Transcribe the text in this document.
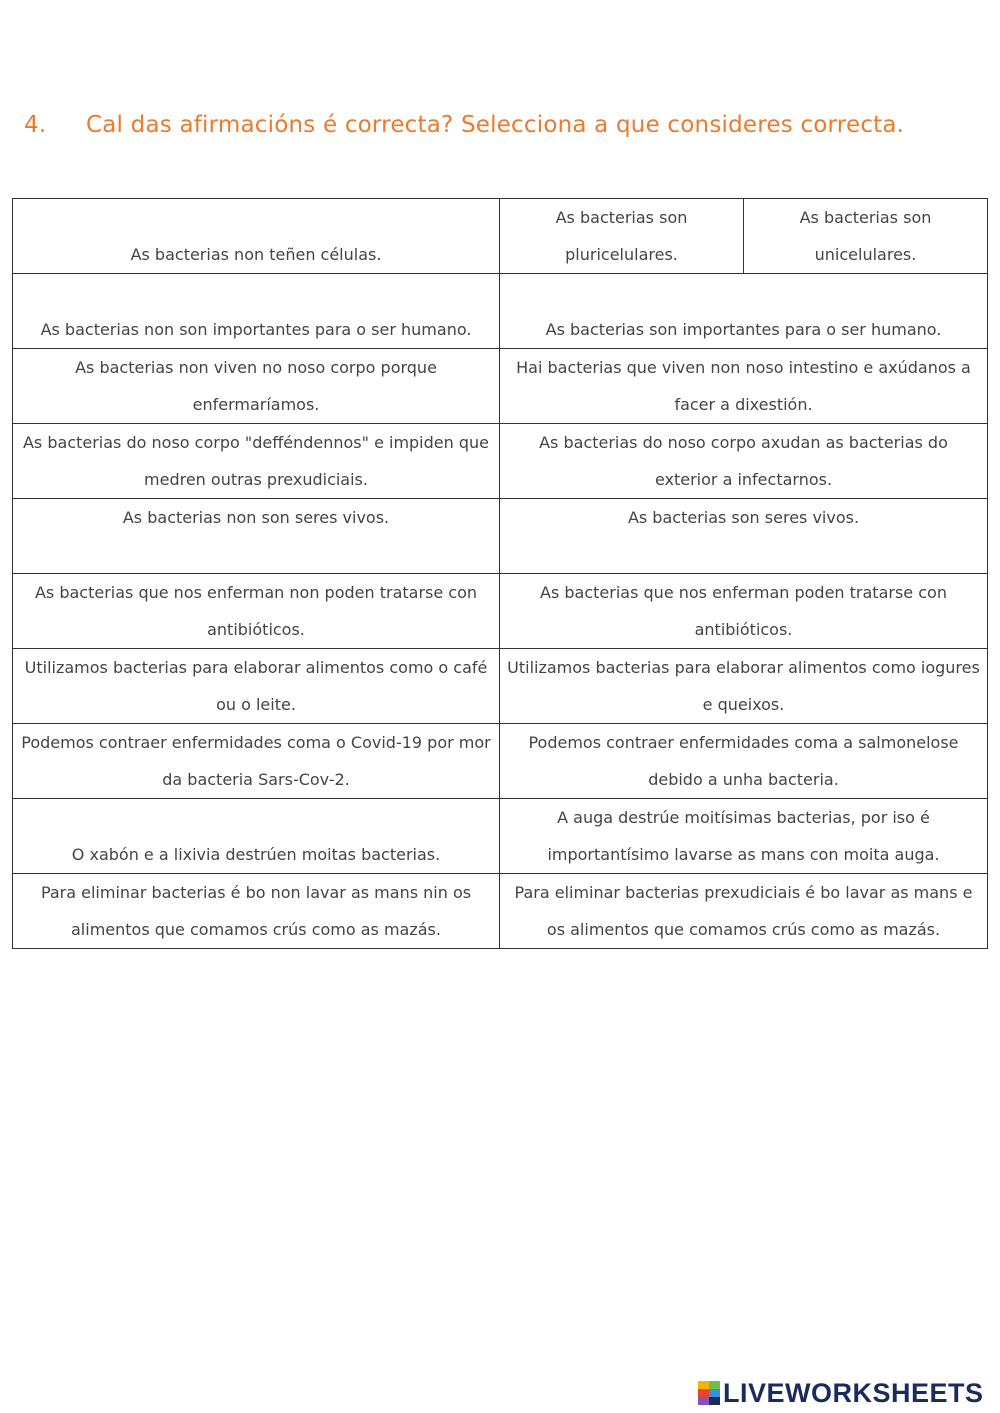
4. Cal das afirmacións é correcta? Selecciona a que consideres correcta.
As bacterias non teñen células.	As bacterias son pluricelulares.	As bacterias son unicelulares.
As bacterias non son importantes para o ser humano.	As bacterias son importantes para o ser humano.	
As bacterias non viven no noso corpo porque enfermaríamos.	Hai bacterias que viven non noso intestino e axúdanos a facer a dixestión.	
As bacterias do noso corpo "defféndennos" e impiden que medren outras prexudiciais.	As bacterias do noso corpo axudan as bacterias do exterior a infectarnos.	
As bacterias non son seres vivos.	As bacterias son seres vivos.	
As bacterias que nos enferman non poden tratarse con antibióticos.	As bacterias que nos enferman poden tratarse con antibióticos.	
Utilizamos bacterias para elaborar alimentos como o café ou o leite.	Utilizamos bacterias para elaborar alimentos como iogures e queixos.	
Podemos contraer enfermidades coma o Covid-19 por mor da bacteria Sars-Cov-2.	Podemos contraer enfermidades coma a salmonelose debido a unha bacteria.	
O xabón e a lixivia destrúen moitas bacterias.	A auga destrúe moitísimas bacterias, por iso é importantísimo lavarse as mans con moita auga.	
Para eliminar bacterias é bo non lavar as mans nin os alimentos que comamos crús como as mazás.	Para eliminar bacterias prexudiciais é bo lavar as mans e os alimentos que comamos crús como as mazás.	
LIVEWORKSHEETS
